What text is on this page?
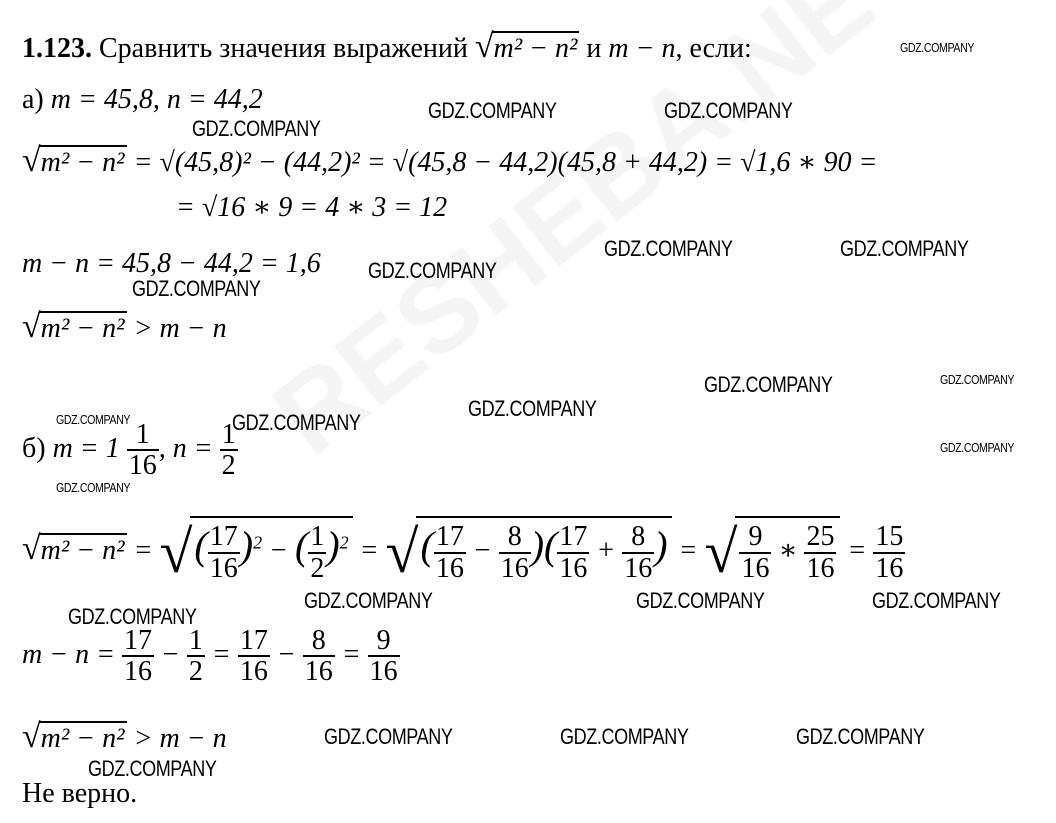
1.123. Сравнить значения выражений √m² − n² и m − n, если:
а) m = 45,8, n = 44,2
√m² − n² = √(45,8)² − (44,2)² = √(45,8 − 44,2)(45,8 + 44,2) = √1,6 ∗ 90 =
= √16 ∗ 9 = 4 ∗ 3 = 12
m − n = 45,8 − 44,2 = 1,6
√m² − n² > m − n
б) $m = 1 \frac{1}{16}$ , $n = \frac{1}{2}$
√m² − n² = √( $\frac{17}{16} )^2$ − ( $\frac{1}{2} )^2$ = √( $\frac{17}{16} - \frac{8}{16}$ )( $\frac{17}{16} + \frac{8}{16}$ ) = √ $\frac{9}{16}$ ∗ $\frac{25}{16} = \frac{15}{16}$
$m - n = \frac{17}{16} - \frac{1}{2} = \frac{17}{16} - \frac{8}{16} = \frac{9}{16}$
√m² − n² > m − n
Не верно.
GDZ.COMPANY
GDZ.COMPANY	GDZ.COMPANY
GDZ.COMPANY
GDZ.COMPANY	GDZ.COMPANY
GDZ.COMPANY
GDZ.COMPANY
GDZ.COMPANY
GDZ.COMPANY
GDZ.COMPANY
GDZ.COMPANY	GDZ.COMPANY
GDZ.COMPANY
GDZ.COMPANY
GDZ.COMPANY	GDZ.COMPANY	GDZ.COMPANY
GDZ.COMPANY
GDZ.COMPANY	GDZ.COMPANY	GDZ.COMPANY
GDZ.COMPANY
